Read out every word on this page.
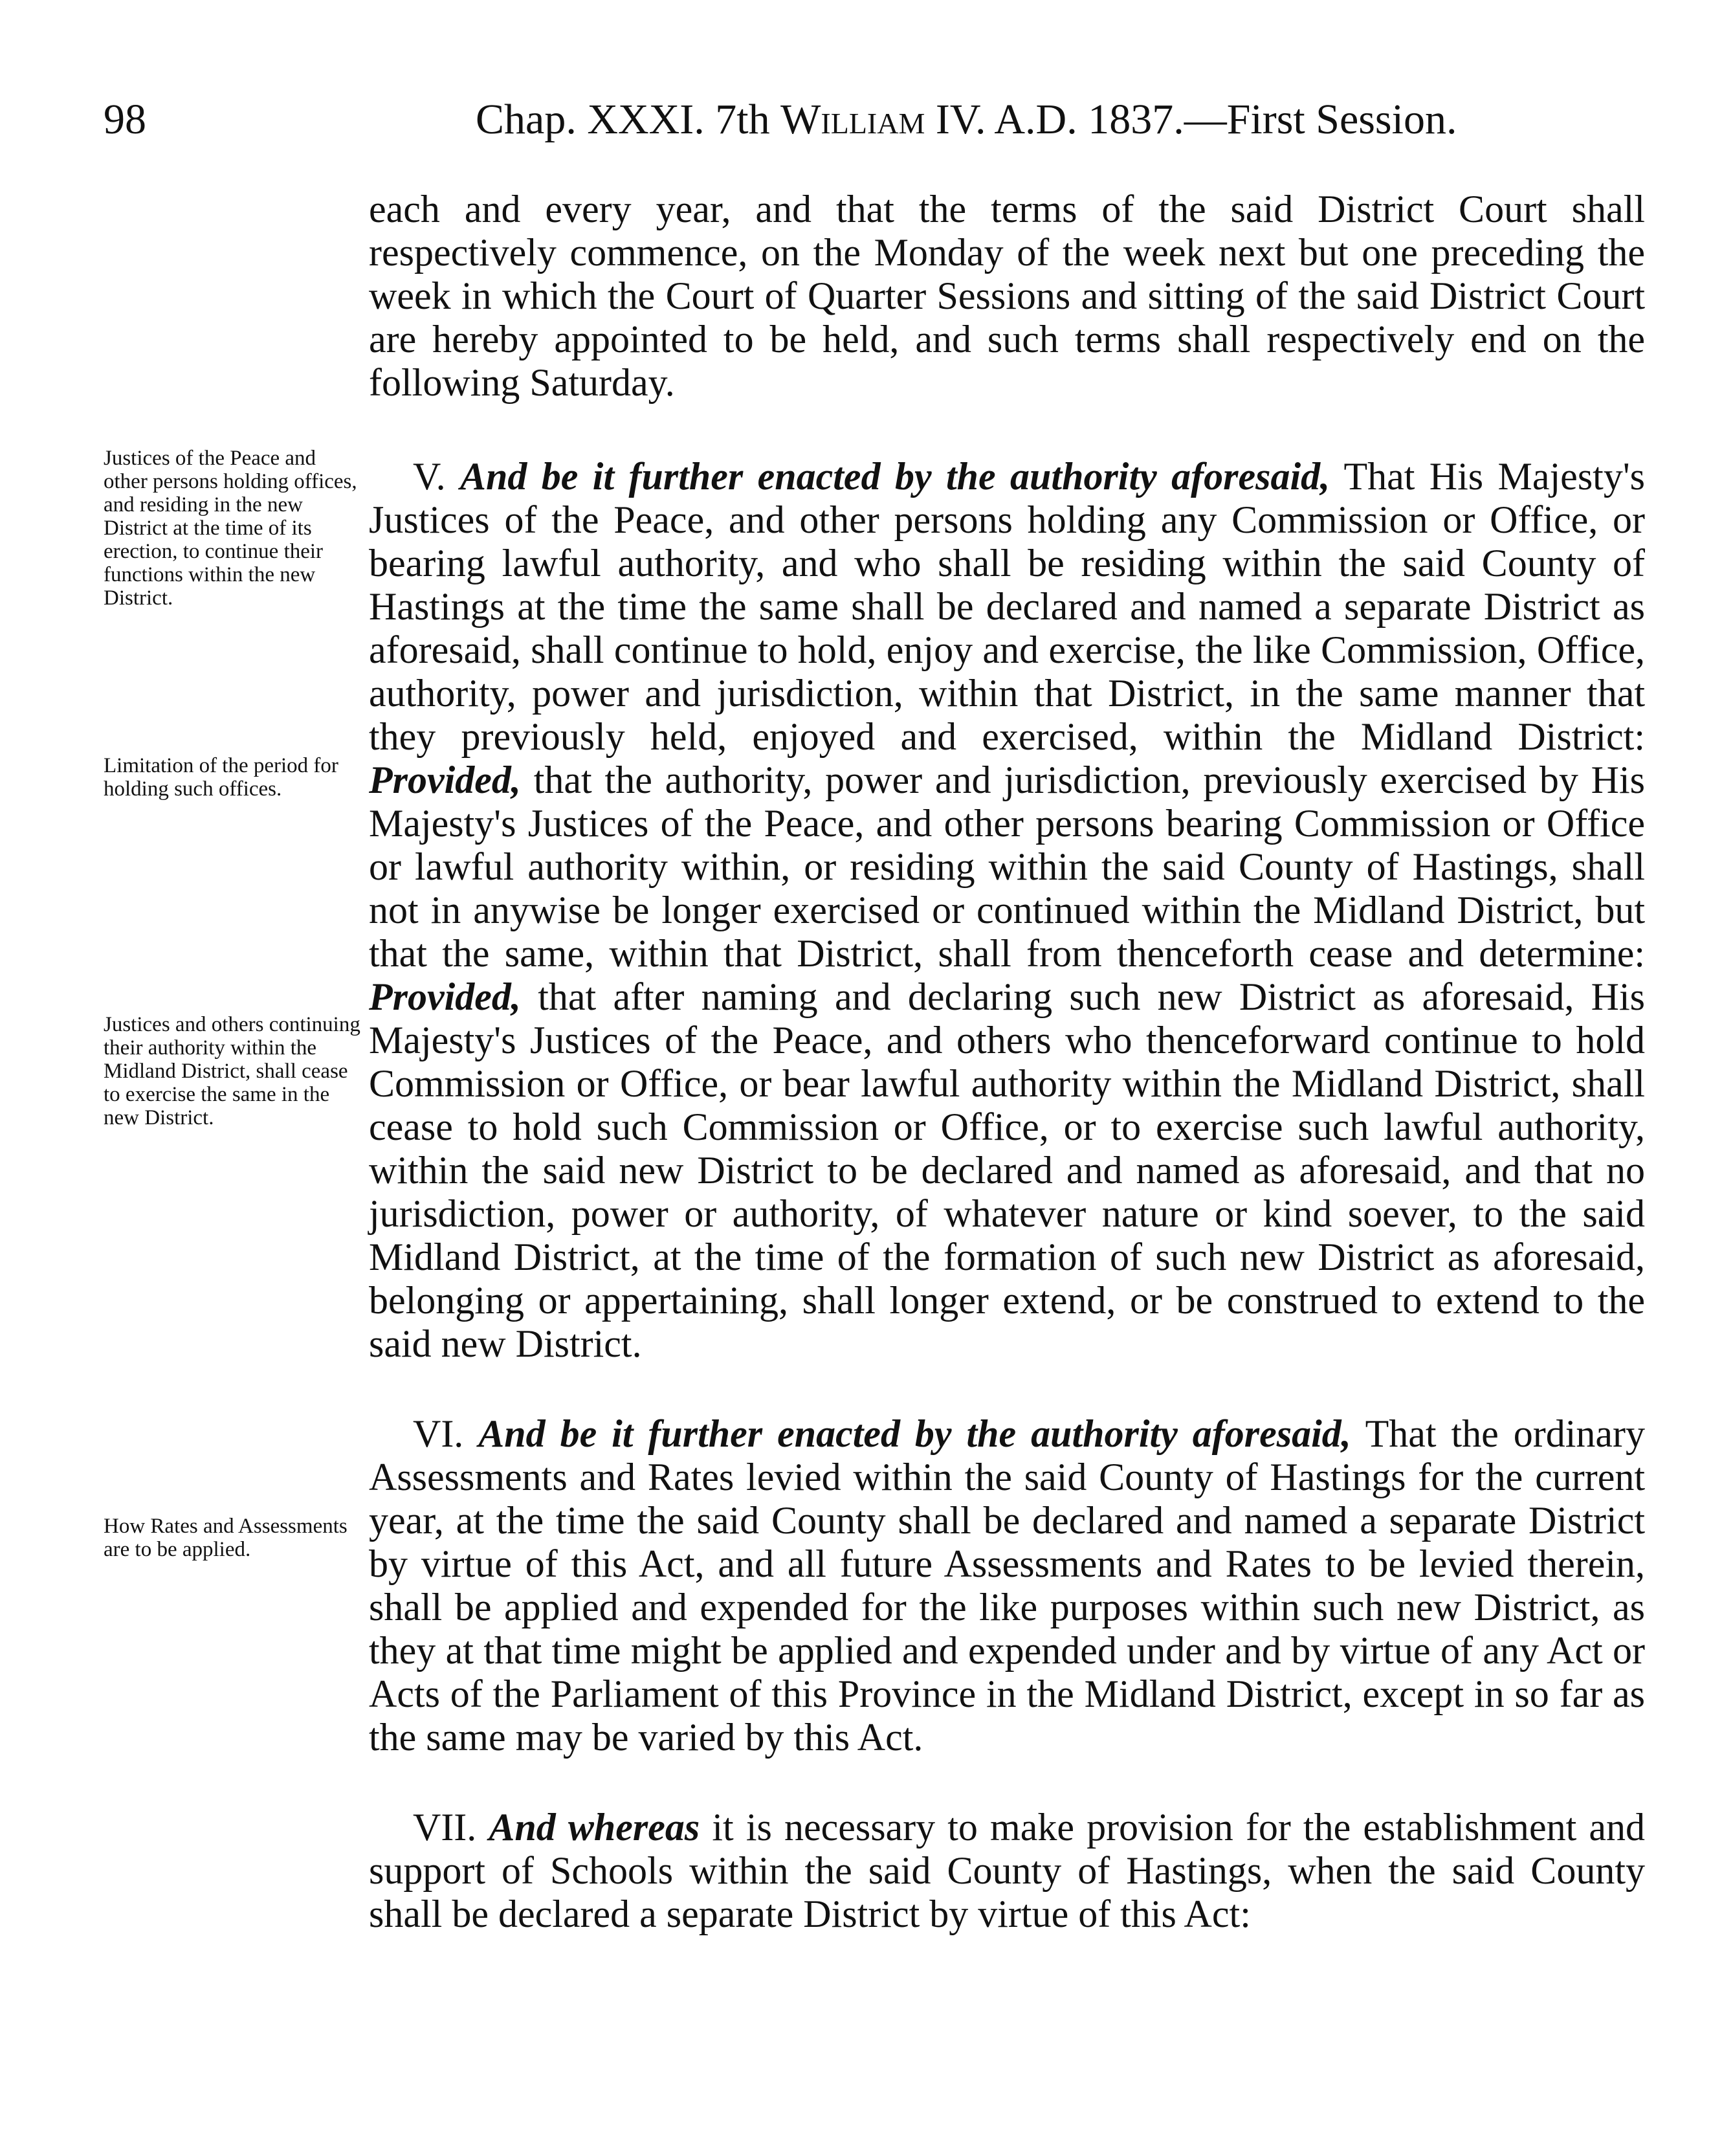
98	Chap. XXXI. 7th William IV. A.D. 1837.—First Session.
Justices of the Peace and other persons holding offices, and residing in the new District at the time of its erection, to continue their functions within the new District.
Limitation of the period for holding such offices.
Justices and others continuing their authority within the Midland District, shall cease to exercise the same in the new District.
How Rates and Assessments are to be applied.

each and every year, and that the terms of the said District Court shall respectively commence, on the Monday of the week next but one preceding the week in which the Court of Quarter Sessions and sitting of the said District Court are hereby appointed to be held, and such terms shall respectively end on the following Saturday.

V. And be it further enacted by the authority aforesaid, That His Majesty's Justices of the Peace, and other persons holding any Commission or Office, or bearing lawful authority, and who shall be residing within the said County of Hastings at the time the same shall be declared and named a separate District as aforesaid, shall continue to hold, enjoy and exercise, the like Commission, Office, authority, power and jurisdiction, within that District, in the same manner that they previously held, enjoyed and exercised, within the Midland District: Provided, that the authority, power and jurisdiction, previously exercised by His Majesty's Justices of the Peace, and other persons bearing Commission or Office or lawful authority within, or residing within the said County of Hastings, shall not in anywise be longer exercised or continued within the Midland District, but that the same, within that District, shall from thenceforth cease and determine: Provided, that after naming and declaring such new District as aforesaid, His Majesty's Justices of the Peace, and others who thenceforward continue to hold Commission or Office, or bear lawful authority within the Midland District, shall cease to hold such Commission or Office, or to exercise such lawful authority, within the said new District to be declared and named as aforesaid, and that no jurisdiction, power or authority, of whatever nature or kind soever, to the said Midland District, at the time of the formation of such new District as aforesaid, belonging or appertaining, shall longer extend, or be construed to extend to the said new District.

VI. And be it further enacted by the authority aforesaid, That the ordinary Assessments and Rates levied within the said County of Hastings for the current year, at the time the said County shall be declared and named a separate District by virtue of this Act, and all future Assessments and Rates to be levied therein, shall be applied and expended for the like purposes within such new District, as they at that time might be applied and expended under and by virtue of any Act or Acts of the Parliament of this Province in the Midland District, except in so far as the same may be varied by this Act.

VII. And whereas it is necessary to make provision for the establishment and support of Schools within the said County of Hastings, when the said County shall be declared a separate District by virtue of this Act:
